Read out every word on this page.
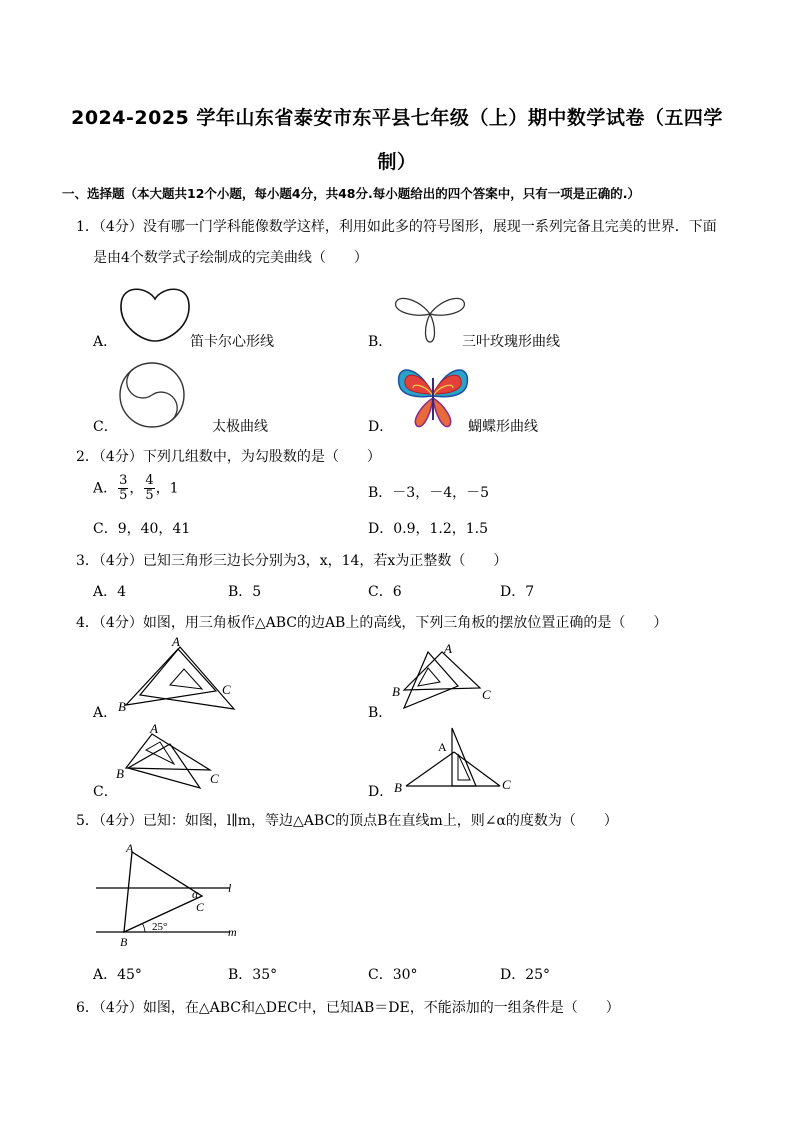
2024-2025 学年山东省泰安市东平县七年级（上）期中数学试卷（五四学
制）
一、选择题（本大题共12个小题，每小题4分，共48分.每小题给出的四个答案中，只有一项是正确的.）
1．（4分）没有哪一门学科能像数学这样，利用如此多的符号图形，展现一系列完备且完美的世界．下面
是由4个数学式子绘制成的完美曲线（　　）
A．	笛卡尔心形线	B．	三叶玫瑰形曲线
C．	太极曲线	D．	蝴蝶形曲线
2．（4分）下列几组数中，为勾股数的是（　　）
A． $\frac{3}{5}$ ， $\frac{4}{5}$ ，1	B．－3，－4，－5
C．9，40，41	D．0.9，1.2，1.5
3．（4分）已知三角形三边长分别为3，x，14，若x为正整数（　　）
A．4	B．5	C．6	D．7
4．（4分）如图，用三角板作△ABC的边AB上的高线，下列三角板的摆放位置正确的是（　　）
A．
A
B
C
B．
A
B	C
C．
A
B	C
D．
A
B	C
5．（4分）已知：如图，l∥m，等边△ABC的顶点B在直线m上，则∠α的度数为（　　）
A
B
C
l
m
α
25°
A．45°	B．35°	C．30°	D．25°
6．（4分）如图，在△ABC和△DEC中，已知AB＝DE，不能添加的一组条件是（　　）
